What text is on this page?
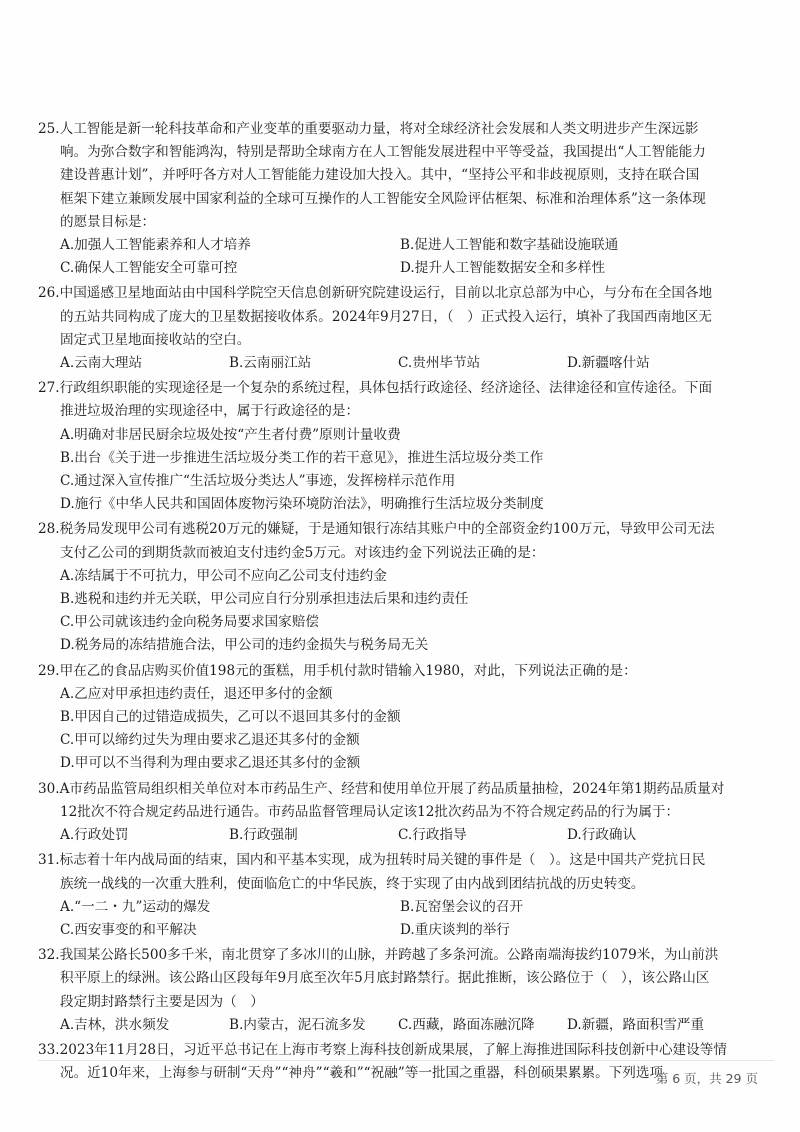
25.人工智能是新一轮科技革命和产业变革的重要驱动力量，将对全球经济社会发展和人类文明进步产生深远影
响。为弥合数字和智能鸿沟，特别是帮助全球南方在人工智能发展进程中平等受益，我国提出“人工智能能力
建设普惠计划”，并呼吁各方对人工智能能力建设加大投入。其中，“坚持公平和非歧视原则，支持在联合国
框架下建立兼顾发展中国家利益的全球可互操作的人工智能安全风险评估框架、标准和治理体系”这一条体现
的愿景目标是：
A.加强人工智能素养和人才培养	B.促进人工智能和数字基础设施联通
C.确保人工智能安全可靠可控	D.提升人工智能数据安全和多样性
26.中国遥感卫星地面站由中国科学院空天信息创新研究院建设运行，目前以北京总部为中心，与分布在全国各地
的五站共同构成了庞大的卫星数据接收体系。2024年9月27日，（　）正式投入运行，填补了我国西南地区无
固定式卫星地面接收站的空白。
A.云南大理站	B.云南丽江站	C.贵州毕节站	D.新疆喀什站
27.行政组织职能的实现途径是一个复杂的系统过程，具体包括行政途径、经济途径、法律途径和宣传途径。下面
推进垃圾治理的实现途径中，属于行政途径的是：
A.明确对非居民厨余垃圾处按“产生者付费”原则计量收费
B.出台《关于进一步推进生活垃圾分类工作的若干意见》，推进生活垃圾分类工作
C.通过深入宣传推广“生活垃圾分类达人”事迹，发挥榜样示范作用
D.施行《中华人民共和国固体废物污染环境防治法》，明确推行生活垃圾分类制度
28.税务局发现甲公司有逃税20万元的嫌疑，于是通知银行冻结其账户中的全部资金约100万元，导致甲公司无法
支付乙公司的到期货款而被迫支付违约金5万元。对该违约金下列说法正确的是：
A.冻结属于不可抗力，甲公司不应向乙公司支付违约金
B.逃税和违约并无关联，甲公司应自行分别承担违法后果和违约责任
C.甲公司就该违约金向税务局要求国家赔偿
D.税务局的冻结措施合法，甲公司的违约金损失与税务局无关
29.甲在乙的食品店购买价值198元的蛋糕，用手机付款时错输入1980，对此，下列说法正确的是：
A.乙应对甲承担违约责任，退还甲多付的金额
B.甲因自己的过错造成损失，乙可以不退回其多付的金额
C.甲可以缔约过失为理由要求乙退还其多付的金额
D.甲可以不当得利为理由要求乙退还其多付的金额
30.A市药品监管局组织相关单位对本市药品生产、经营和使用单位开展了药品质量抽检，2024年第1期药品质量对
12批次不符合规定药品进行通告。市药品监督管理局认定该12批次药品为不符合规定药品的行为属于：
A.行政处罚	B.行政强制	C.行政指导	D.行政确认
31.标志着十年内战局面的结束，国内和平基本实现，成为扭转时局关键的事件是（　）。这是中国共产党抗日民
族统一战线的一次重大胜利，使面临危亡的中华民族，终于实现了由内战到团结抗战的历史转变。
A.“一二・九”运动的爆发	B.瓦窑堡会议的召开
C.西安事变的和平解决	D.重庆谈判的举行
32.我国某公路长500多千米，南北贯穿了多冰川的山脉，并跨越了多条河流。公路南端海拔约1079米，为山前洪
积平原上的绿洲。该公路山区段每年9月底至次年5月底封路禁行。据此推断，该公路位于（　），该公路山区
段定期封路禁行主要是因为（　）
A.吉林，洪水频发	B.内蒙古，泥石流多发	C.西藏，路面冻融沉降	D.新疆，路面积雪严重
33.2023年11月28日，习近平总书记在上海市考察上海科技创新成果展，了解上海推进国际科技创新中心建设等情
况。近10年来，上海参与研制“天舟”“神舟”“羲和”“祝融”等一批国之重器，科创硕果累累。下列选项
第 6 页，共 29 页
